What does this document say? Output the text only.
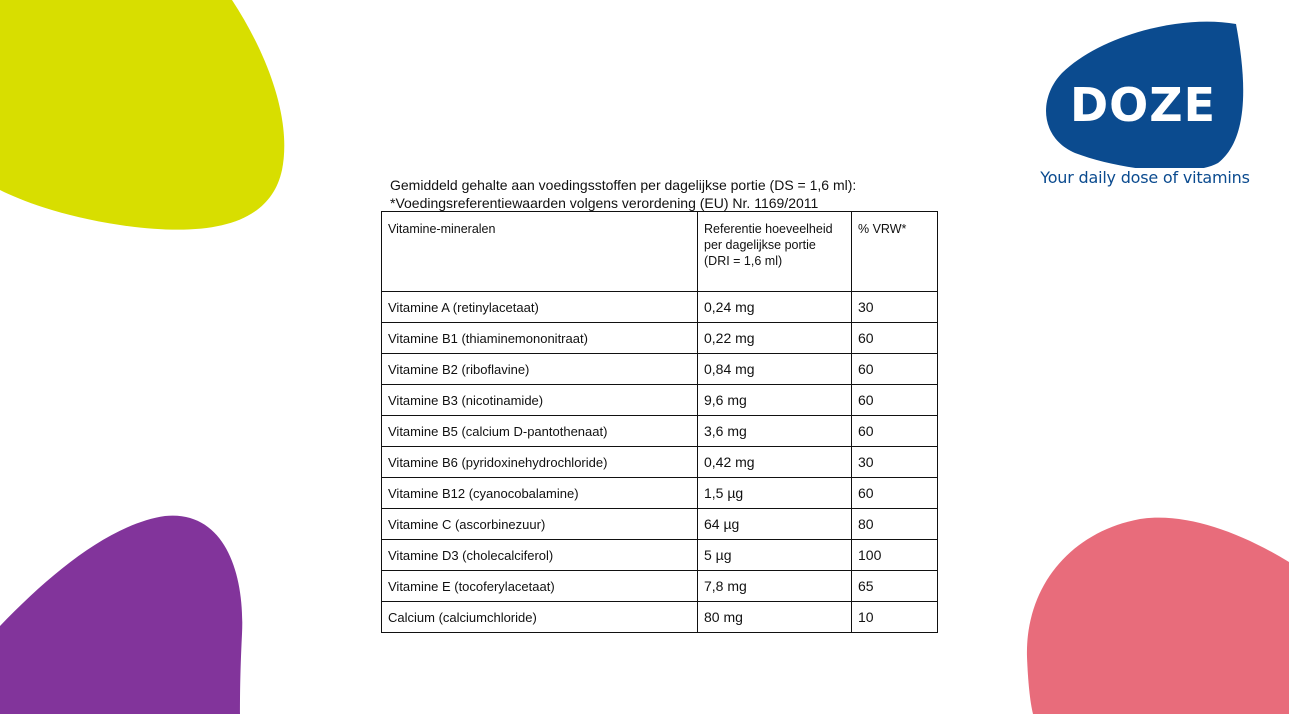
DOZE
Your daily dose of vitamins
Gemiddeld gehalte aan voedingsstoffen per dagelijkse portie (DS = 1,6 ml):
*Voedingsreferentiewaarden volgens verordening (EU) Nr. 1169/2011
Vitamine-mineralen	Referentie hoeveelheid per dagelijkse portie (DRI = 1,6 ml)	% VRW*
Vitamine A (retinylacetaat)	0,24 mg	30
Vitamine B1 (thiaminemononitraat)	0,22 mg	60
Vitamine B2 (riboflavine)	0,84 mg	60
Vitamine B3 (nicotinamide)	9,6 mg	60
Vitamine B5 (calcium D-pantothenaat)	3,6 mg	60
Vitamine B6 (pyridoxinehydrochloride)	0,42 mg	30
Vitamine B12 (cyanocobalamine)	1,5 µg	60
Vitamine C (ascorbinezuur)	64 µg	80
Vitamine D3 (cholecalciferol)	5 µg	100
Vitamine E (tocoferylacetaat)	7,8 mg	65
Calcium (calciumchloride)	80 mg	10
